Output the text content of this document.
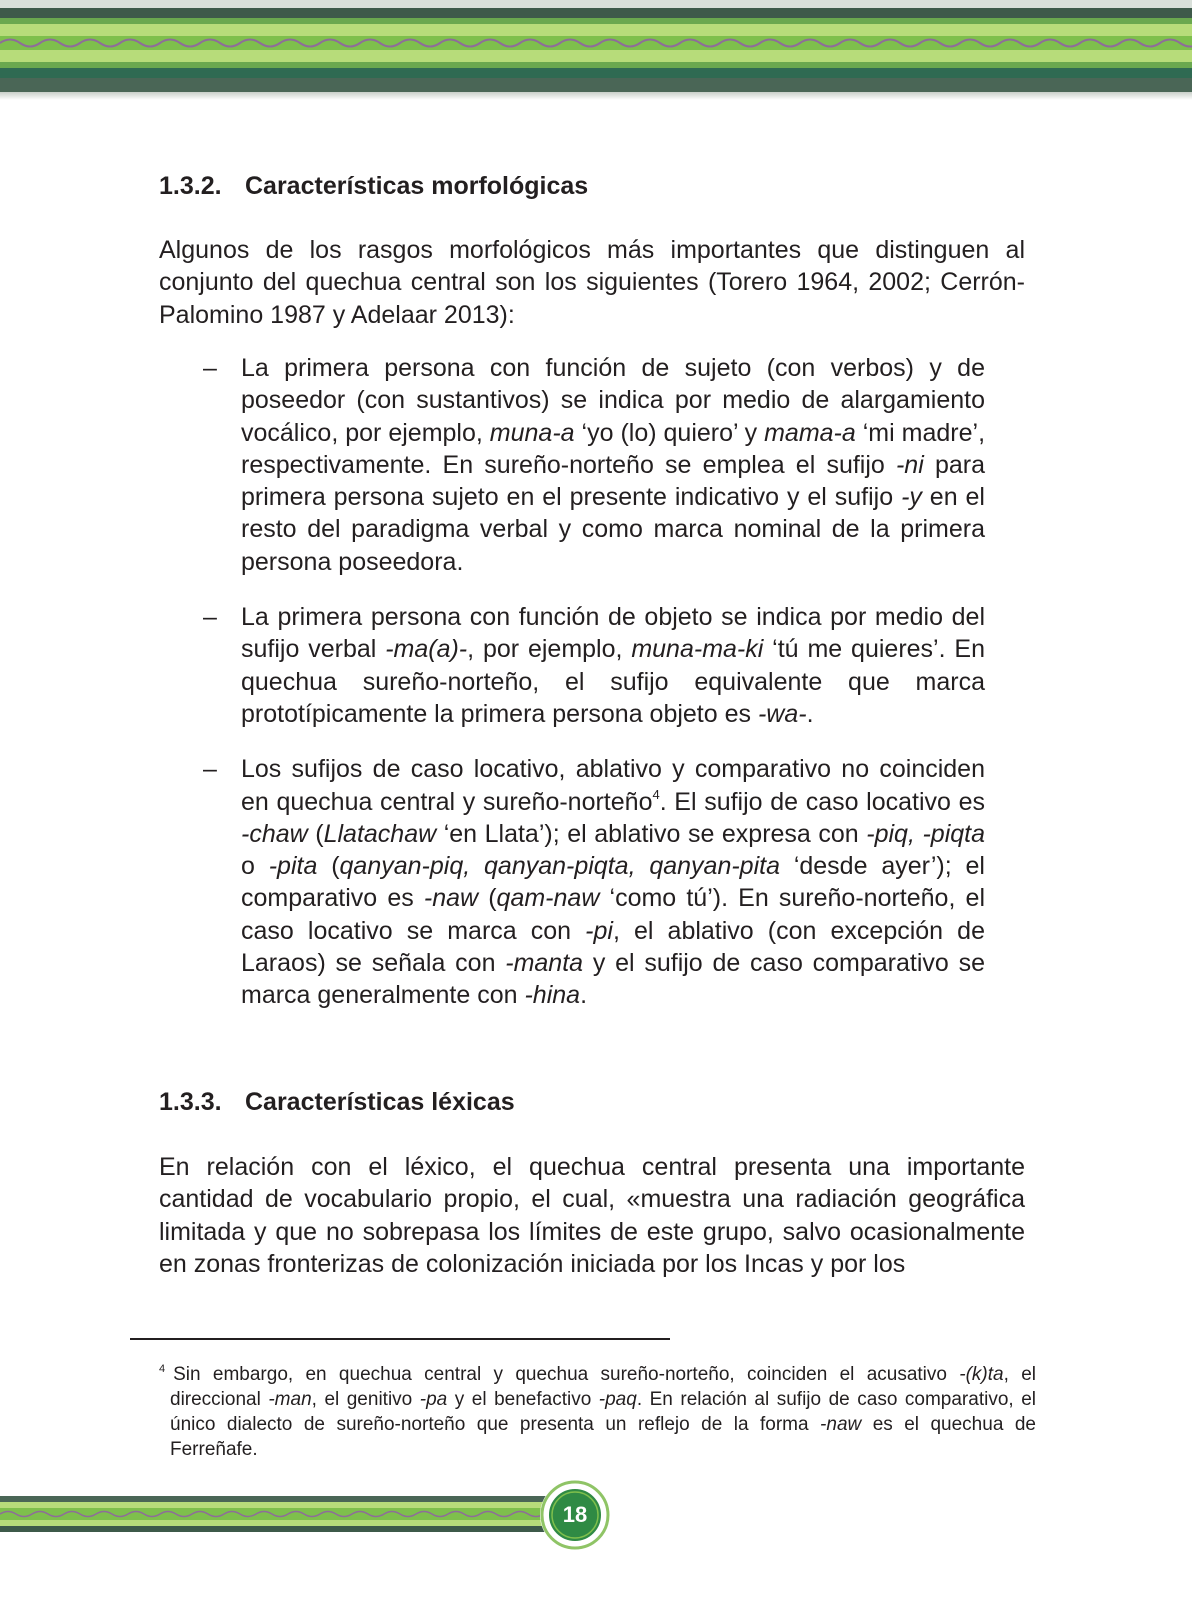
1.3.2. Características morfológicas

Algunos de los rasgos morfológicos más importantes que distinguen al conjunto del quechua central son los siguientes (Torero 1964, 2002; Cerrón-Palomino 1987 y Adelaar 2013):

– La primera persona con función de sujeto (con verbos) y de poseedor (con sustantivos) se indica por medio de alargamiento vocálico, por ejemplo, muna-a ‘yo (lo) quiero’ y mama-a ‘mi madre’, respectivamente. En sureño-norteño se emplea el sufijo -ni para primera persona sujeto en el presente indicativo y el sufijo -y en el resto del paradigma verbal y como marca nominal de la primera persona poseedora.
– La primera persona con función de objeto se indica por medio del sufijo verbal -ma(a)-, por ejemplo, muna-ma-ki ‘tú me quieres’. En quechua sureño-norteño, el sufijo equivalente que marca prototípicamente la primera persona objeto es -wa-.
– Los sufijos de caso locativo, ablativo y comparativo no coinciden en quechua central y sureño-norteño$^4$. El sufijo de caso locativo es -chaw (Llatachaw ‘en Llata’); el ablativo se expresa con -piq, -piqta o -pita (qanyan-piq, qanyan-piqta, qanyan-pita ‘desde ayer’); el comparativo es -naw (qam-naw ‘como tú’). En sureño-norteño, el caso locativo se marca con -pi, el ablativo (con excepción de Laraos) se señala con -manta y el sufijo de caso comparativo se marca generalmente con -hina.
1.3.3. Características léxicas

En relación con el léxico, el quechua central presenta una importante cantidad de vocabulario propio, el cual, «muestra una radiación geográfica limitada y que no sobrepasa los límites de este grupo, salvo ocasionalmente en zonas fronterizas de colonización iniciada por los Incas y por los

$^4$ Sin embargo, en quechua central y quechua sureño-norteño, coinciden el acusativo -(k)ta, el direccional -man, el genitivo -pa y el benefactivo -paq. En relación al sufijo de caso comparativo, el único dialecto de sureño-norteño que presenta un reflejo de la forma -naw es el quechua de Ferreñafe.

18
